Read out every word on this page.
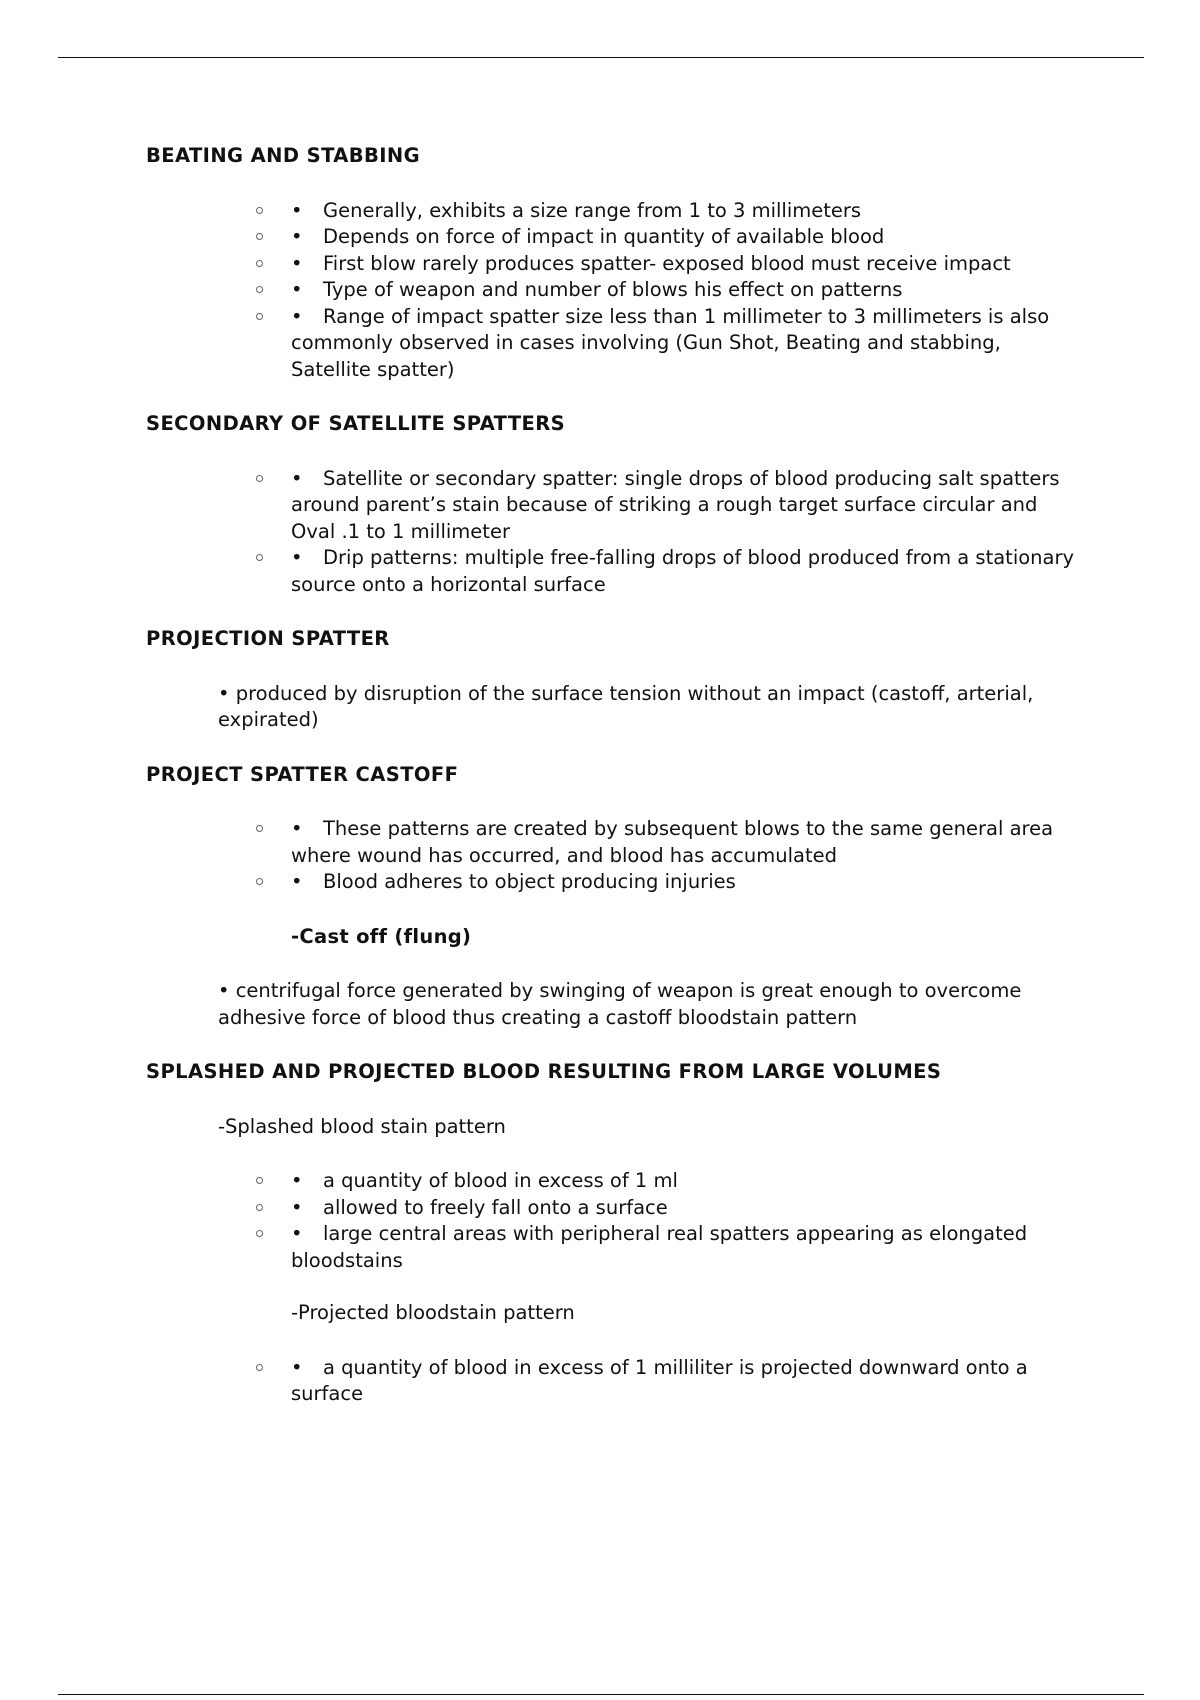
BEATING AND STABBING

• Generally, exhibits a size range from 1 to 3 millimeters
• Depends on force of impact in quantity of available blood
• First blow rarely produces spatter- exposed blood must receive impact
• Type of weapon and number of blows his effect on patterns
• Range of impact spatter size less than 1 millimeter to 3 millimeters is also commonly observed in cases involving (Gun Shot, Beating and stabbing, Satellite spatter)

SECONDARY OF SATELLITE SPATTERS

• Satellite or secondary spatter: single drops of blood producing salt spatters around parent’s stain because of striking a rough target surface circular and Oval .1 to 1 millimeter
• Drip patterns: multiple free-falling drops of blood produced from a stationary source onto a horizontal surface

PROJECTION SPATTER

• produced by disruption of the surface tension without an impact (castoff, arterial, expirated)

PROJECT SPATTER CASTOFF

• These patterns are created by subsequent blows to the same general area where wound has occurred, and blood has accumulated
• Blood adheres to object producing injuries

-Cast off (flung)

• centrifugal force generated by swinging of weapon is great enough to overcome adhesive force of blood thus creating a castoff bloodstain pattern

SPLASHED AND PROJECTED BLOOD RESULTING FROM LARGE VOLUMES

-Splashed blood stain pattern

• a quantity of blood in excess of 1 ml
• allowed to freely fall onto a surface
• large central areas with peripheral real spatters appearing as elongated bloodstains

-Projected bloodstain pattern

• a quantity of blood in excess of 1 milliliter is projected downward onto a surface
